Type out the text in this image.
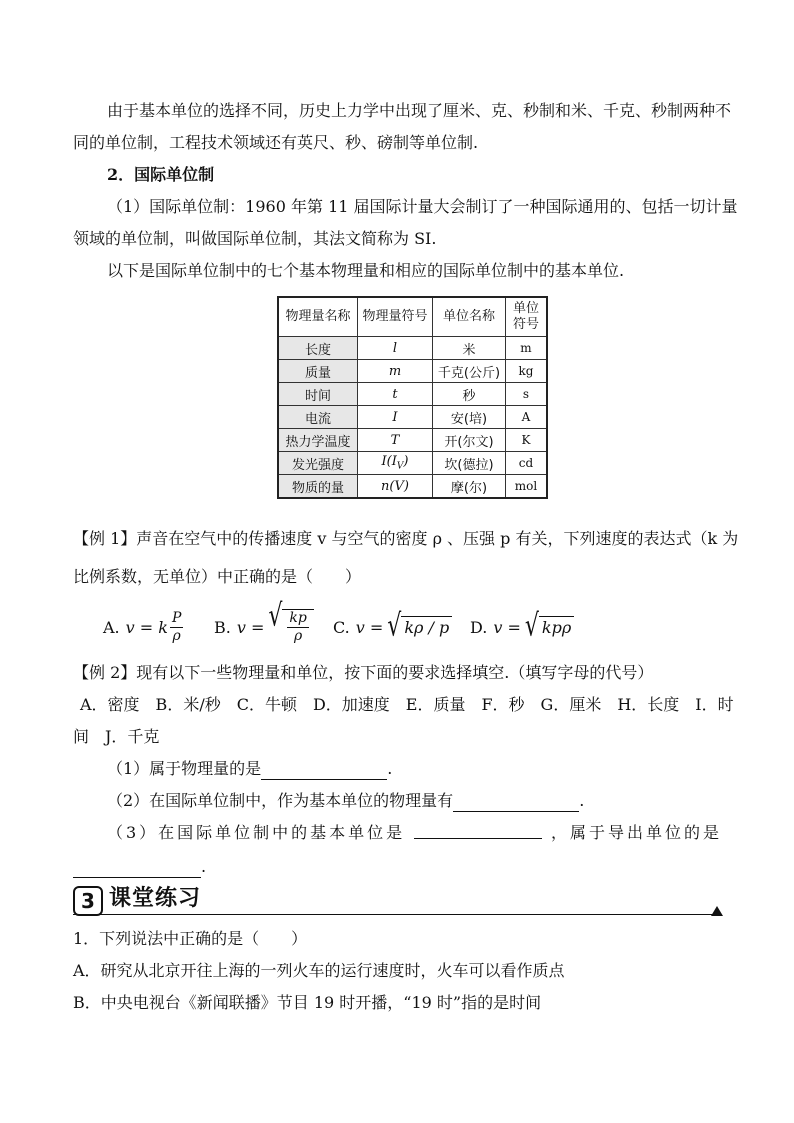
由于基本单位的选择不同，历史上力学中出现了厘米、克、秒制和米、千克、秒制两种不
同的单位制，工程技术领域还有英尺、秒、磅制等单位制.
2．国际单位制
（1）国际单位制：1960 年第 11 届国际计量大会制订了一种国际通用的、包括一切计量
领域的单位制，叫做国际单位制，其法文简称为 SI.
以下是国际单位制中的七个基本物理量和相应的国际单位制中的基本单位.
物理量名称	物理量符号	单位名称	单位
符号
长度	l	米	m
质量	m	千克(公斤)	kg
时间	t	秒	s
电流	I	安(培)	A
热力学温度	T	开(尔文)	K
发光强度	$I(I_V)$	坎(德拉)	cd
物质的量	n(V)	摩(尔)	mol
【例 1】声音在空气中的传播速度 v 与空气的密度 ρ 、压强 p 有关，下列速度的表达式（k 为
比例系数，无单位）中正确的是（　　）
A. v = k $\frac{P}{\rho} B$. v = √ $\frac{kp}{\rho} C$. v = √ kρ / p D. v = √ kpρ
【例 2】现有以下一些物理量和单位，按下面的要求选择填空.（填写字母的代号）
A．密度　B．米/秒　C．牛顿　D．加速度　E．质量　F．秒　G．厘米　H．长度　I．时
间　J．千克
（1）属于物理量的是	.
（2）在国际单位制中，作为基本单位的物理量有	.
（3）在国际单位制中的基本单位是	，属于导出单位的是
.
3 课堂练习
1．下列说法中正确的是（　　）
A．研究从北京开往上海的一列火车的运行速度时，火车可以看作质点
B．中央电视台《新闻联播》节目 19 时开播，“19 时”指的是时间
